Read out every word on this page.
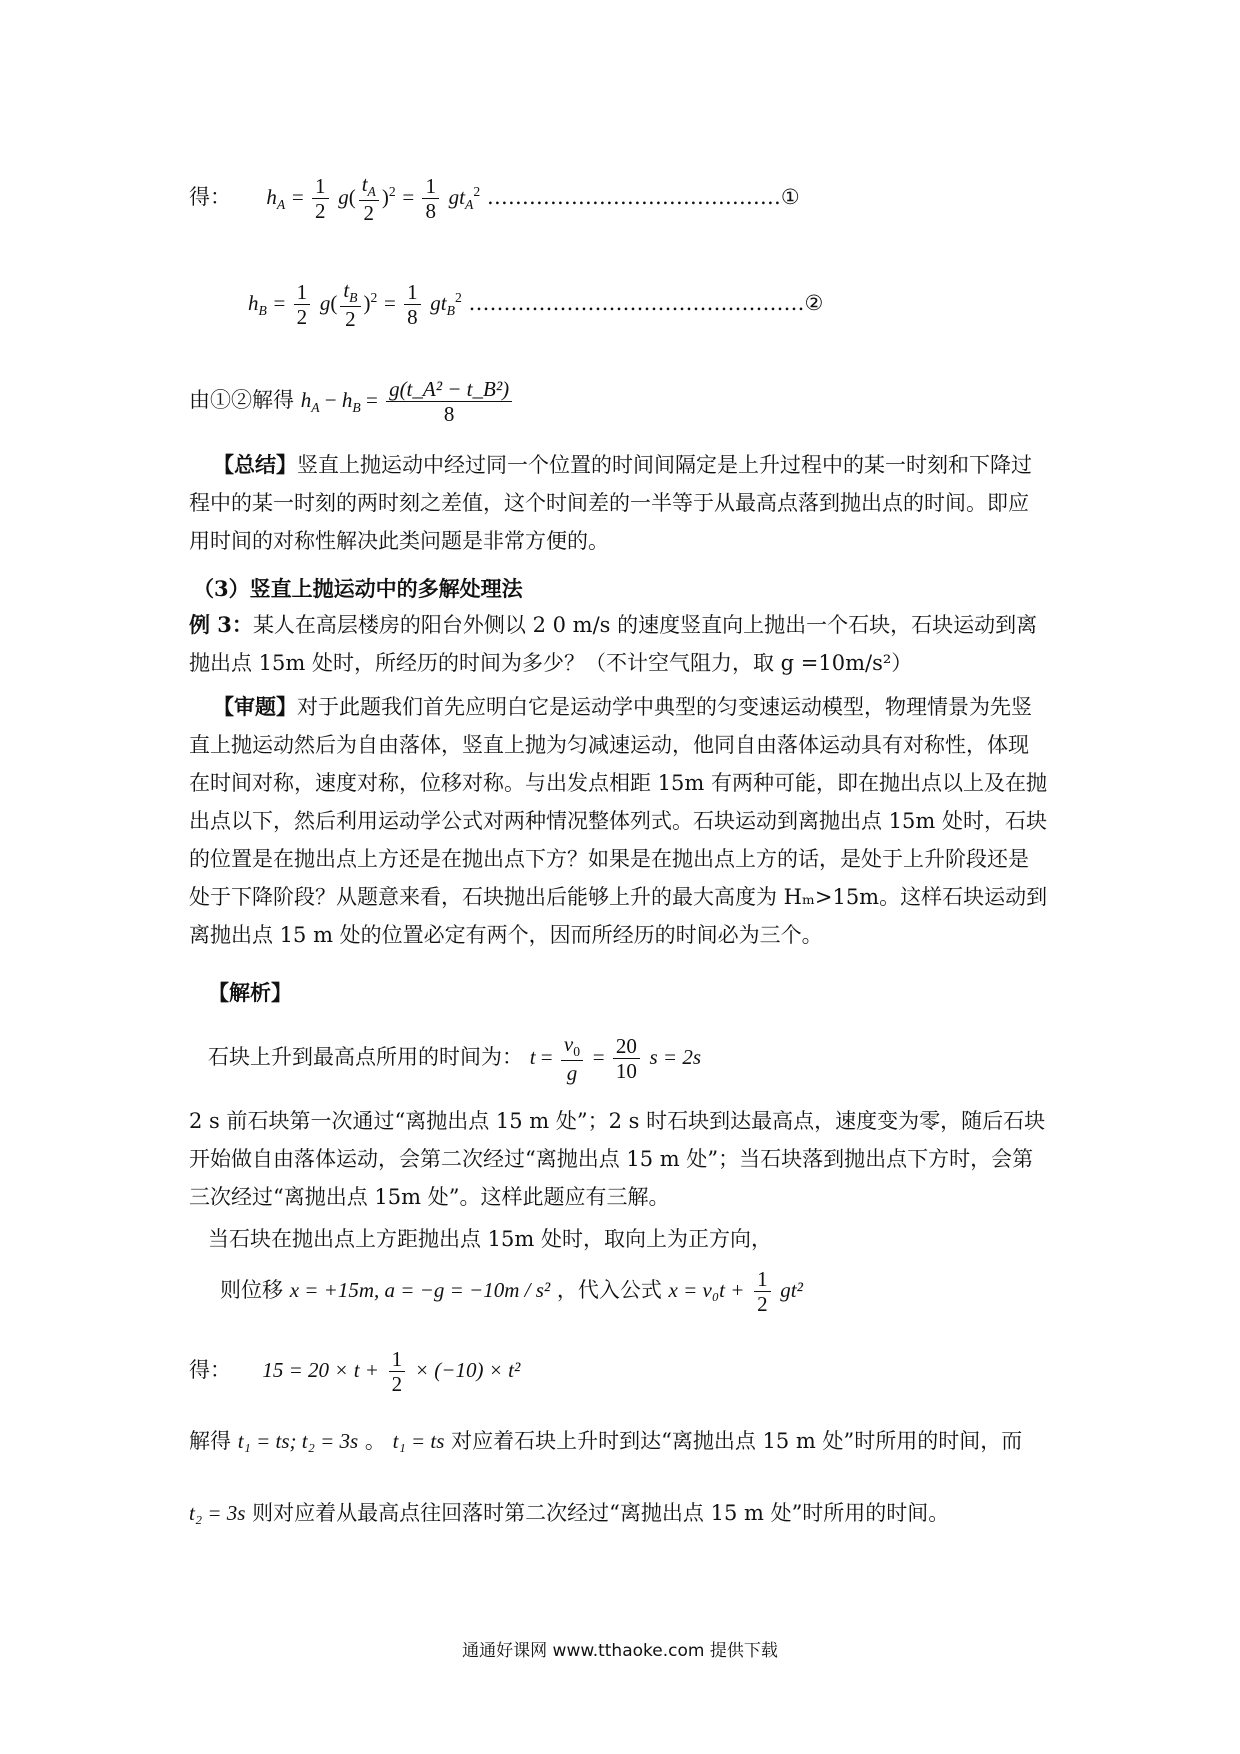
得： $h_A = \frac{1}{2} g( \frac{t_A}{2} )^2 = \frac{1}{8} gt_A^2$ ……………………………………①
$h_B = \frac{1}{2} g( \frac{t_B}{2} )^2 = \frac{1}{8} gt_B^2$ …………………………………………②
由①②解得 $h_A - h_B = \frac{\text{g(t\_A² − t\_B²)}}{8}$
【总结】竖直上抛运动中经过同一个位置的时间间隔定是上升过程中的某一时刻和下降过程中的某一时刻的两时刻之差值，这个时间差的一半等于从最高点落到抛出点的时间。即应用时间的对称性解决此类问题是非常方便的。
（3）竖直上抛运动中的多解处理法
例 3：某人在高层楼房的阳台外侧以 2 0 m/s 的速度竖直向上抛出一个石块，石块运动到离抛出点 15m 处时，所经历的时间为多少？（不计空气阻力，取 g =10m/s²）
【审题】对于此题我们首先应明白它是运动学中典型的匀变速运动模型，物理情景为先竖直上抛运动然后为自由落体，竖直上抛为匀减速运动，他同自由落体运动具有对称性，体现在时间对称，速度对称，位移对称。与出发点相距 15m 有两种可能，即在抛出点以上及在抛出点以下，然后利用运动学公式对两种情况整体列式。石块运动到离抛出点 15m 处时，石块的位置是在抛出点上方还是在抛出点下方？如果是在抛出点上方的话，是处于上升阶段还是处于下降阶段？从题意来看，石块抛出后能够上升的最大高度为 Hₘ>15m。这样石块运动到离抛出点 15 m 处的位置必定有两个，因而所经历的时间必为三个。
【解析】
石块上升到最高点所用的时间为： $t = \frac{v_0}{g} = \frac{20}{10}$ s = 2s
2 s 前石块第一次通过“离抛出点 15 m 处”；2 s 时石块到达最高点，速度变为零，随后石块开始做自由落体运动，会第二次经过“离抛出点 15 m 处”；当石块落到抛出点下方时，会第三次经过“离抛出点 15m 处”。这样此题应有三解。
当石块在抛出点上方距抛出点 15m 处时，取向上为正方向，
则位移 x = +15m, a = −g = −10m / s² ，代入公式 $x = v_0t + \frac{1}{2} gt^2$
得： $15 = 20 \times t + \frac{1}{2} \times (-10) \times t^2$
解得 t₁ = ts; t₂ = 3s 。 t₁ = ts 对应着石块上升时到达“离抛出点 15 m 处”时所用的时间，而
t₂ = 3s 则对应着从最高点往回落时第二次经过“离抛出点 15 m 处”时所用的时间。
通通好课网 www.tthaoke.com 提供下载
